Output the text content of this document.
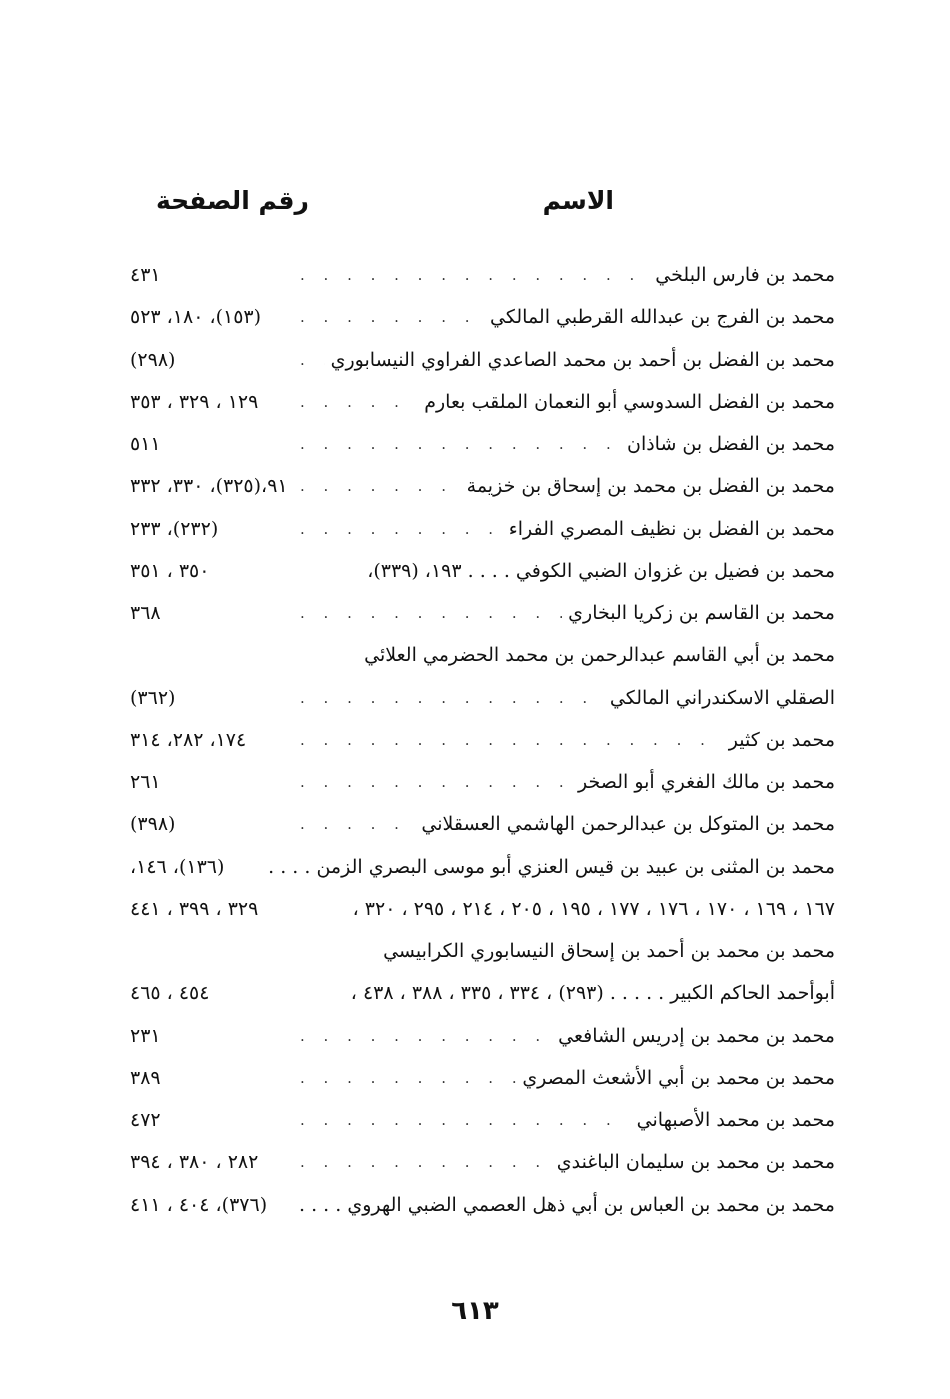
الاسم
رقم الصفحة
. . .
محمد بن فارس البلخي
٤٣١
. . .
محمد بن الفرج بن عبدالله القرطبي المالكي
(١٥٣)، ١٨٠، ٥٢٣
. . .
محمد بن الفضل بن أحمد بن محمد الصاعدي الفراوي النيسابوري
(٢٩٨)
. . .
محمد بن الفضل السدوسي أبو النعمان الملقب بعارم
١٢٩ ، ٣٢٩ ، ٣٥٣
. . .
محمد بن الفضل بن شاذان
٥١١
. . .
محمد بن الفضل بن محمد بن إسحاق بن خزيمة
٩١،(٣٢٥)، ٣٣٠، ٣٣٢
. . .
محمد بن الفضل بن نظيف المصري الفراء
(٢٣٢)، ٢٣٣
محمد بن فضيل بن غزوان الضبي الكوفي . . . . ١٩٣، (٣٣٩)،
٣٥٠ ، ٣٥١
. . .
محمد بن القاسم بن زكريا البخاري
٣٦٨
محمد بن أبي القاسم عبدالرحمن بن محمد الحضرمي العلائي
. . .
الصقلي الاسكندراني المالكي
(٣٦٢)
. . .
محمد بن كثير
١٧٤، ٢٨٢، ٣١٤
. . .
محمد بن مالك الفغري أبو الصخر
٢٦١
. . .
محمد بن المتوكل بن عبدالرحمن الهاشمي العسقلاني
(٣٩٨)
محمد بن المثنى بن عبيد بن قيس العنزي أبو موسى البصري الزمن . . . .
(١٣٦)، ١٤٦،
١٦٧ ، ١٦٩ ، ١٧٠ ، ١٧٦ ، ١٧٧ ، ١٩٥ ، ٢٠٥ ، ٢١٤ ، ٢٩٥ ، ٣٢٠ ،
٣٢٩ ، ٣٩٩ ، ٤٤١
محمد بن محمد بن أحمد بن إسحاق النيسابوري الكرابيسي
أبوأحمد الحاكم الكبير . . . . . (٢٩٣) ، ٣٣٤ ، ٣٣٥ ، ٣٨٨ ، ٤٣٨ ،
٤٥٤ ، ٤٦٥
. . .
محمد بن محمد بن إدريس الشافعي
٢٣١
. . .
محمد بن محمد بن أبي الأشعث المصري
٣٨٩
. . .
محمد بن محمد الأصبهاني
٤٧٢
. . .
محمد بن محمد بن سليمان الباغندي
٢٨٢ ، ٣٨٠ ، ٣٩٤
محمد بن محمد بن العباس بن أبي ذهل العصمي الضبي الهروي . . . .
(٣٧٦)، ٤٠٤ ، ٤١١
٦١٣
